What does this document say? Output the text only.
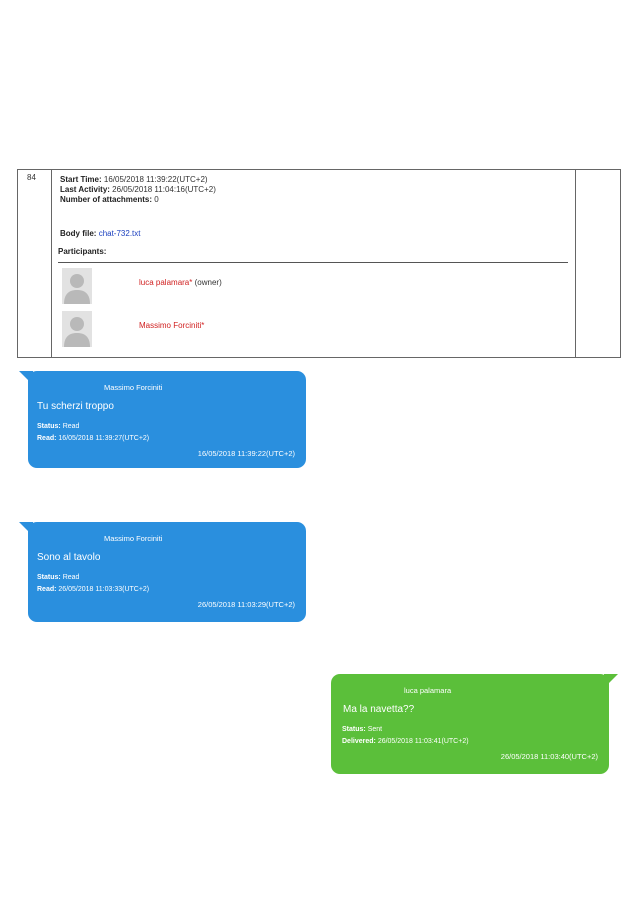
84	Start Time: 16/05/2018 11:39:22(UTC+2)
Last Activity: 26/05/2018 11:04:16(UTC+2)
Number of attachments: 0
Body file: chat-732.txt
Participants:
luca palamara* (owner)
Massimo Forciniti*
Massimo Forciniti
Tu scherzi troppo
Status: Read
Read: 16/05/2018 11:39:27(UTC+2)
16/05/2018 11:39:22(UTC+2)
Massimo Forciniti
Sono al tavolo
Status: Read
Read: 26/05/2018 11:03:33(UTC+2)
26/05/2018 11:03:29(UTC+2)
luca palamara
Ma la navetta??
Status: Sent
Delivered: 26/05/2018 11:03:41(UTC+2)
26/05/2018 11:03:40(UTC+2)
